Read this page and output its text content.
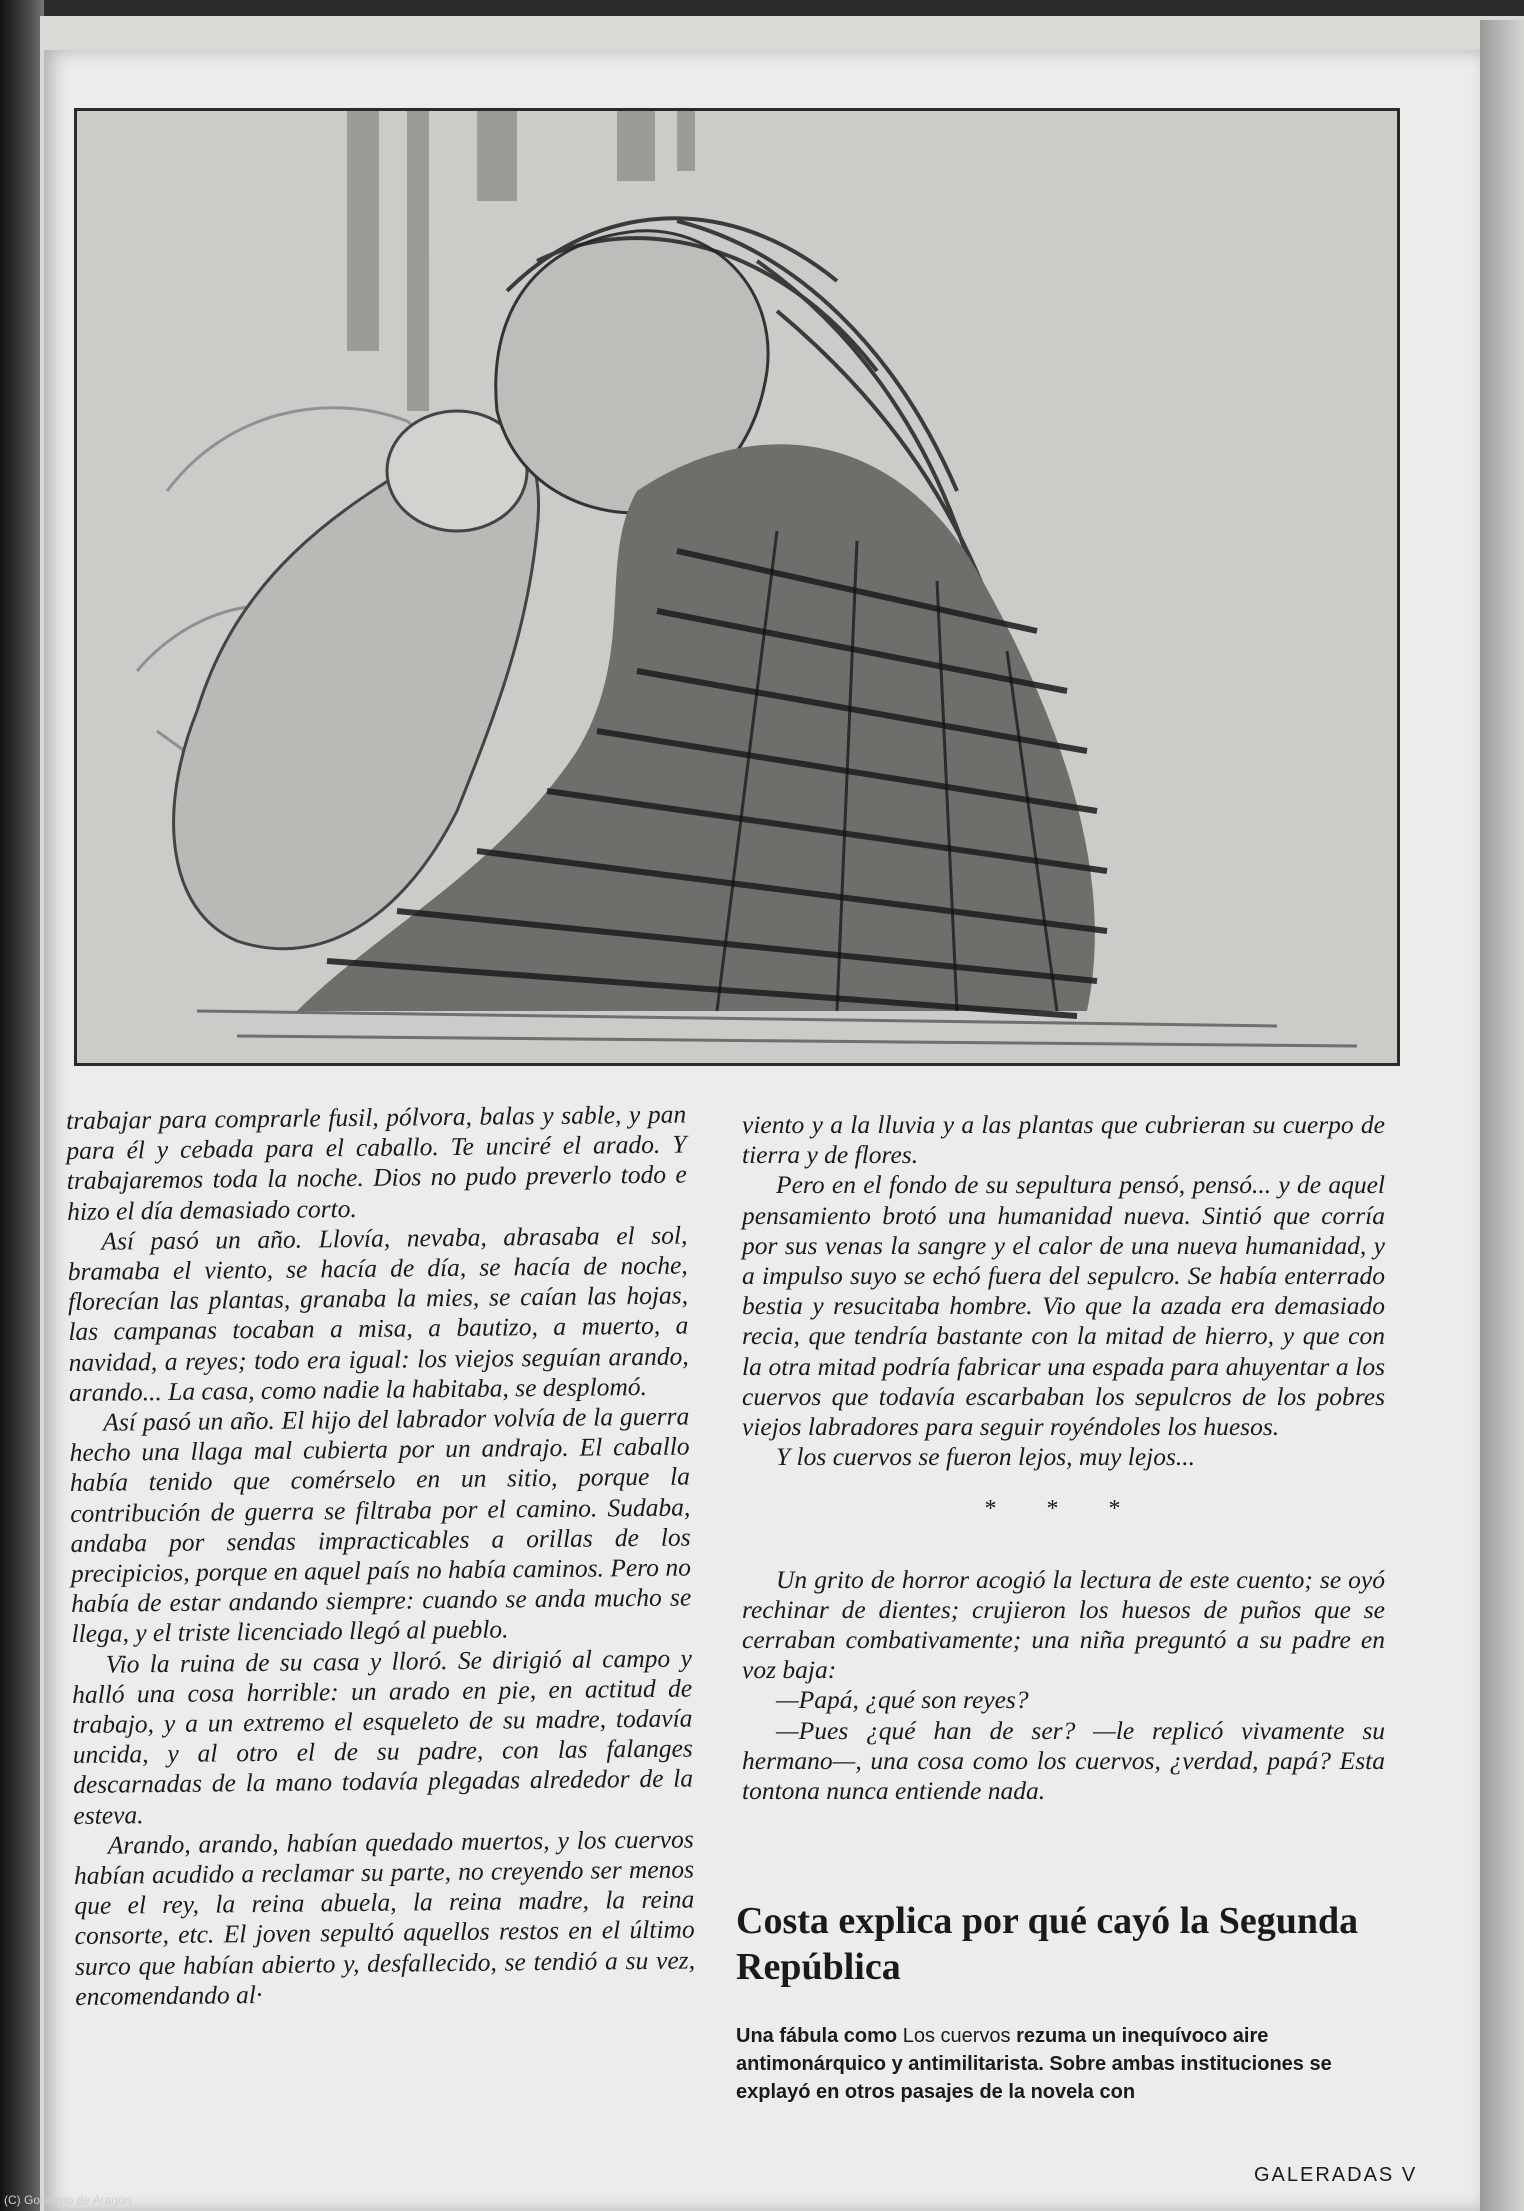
trabajar para comprarle fusil, pólvora, balas y sable, y pan para él y cebada para el caballo. Te unciré el arado. Y trabajaremos toda la noche. Dios no pudo preverlo todo e hizo el día demasiado corto.

Así pasó un año. Llovía, nevaba, abrasaba el sol, bramaba el viento, se hacía de día, se hacía de noche, florecían las plantas, granaba la mies, se caían las hojas, las campanas tocaban a misa, a bautizo, a muerto, a navidad, a reyes; todo era igual: los viejos seguían arando, arando... La casa, como nadie la habitaba, se desplomó.

Así pasó un año. El hijo del labrador volvía de la guerra hecho una llaga mal cubierta por un andrajo. El caballo había tenido que comérselo en un sitio, porque la contribución de guerra se filtraba por el camino. Sudaba, andaba por sendas impracticables a orillas de los precipicios, porque en aquel país no había caminos. Pero no había de estar andando siempre: cuando se anda mucho se llega, y el triste licenciado llegó al pueblo.

Vio la ruina de su casa y lloró. Se dirigió al campo y halló una cosa horrible: un arado en pie, en actitud de trabajo, y a un extremo el esqueleto de su madre, todavía uncida, y al otro el de su padre, con las falanges descarnadas de la mano todavía plegadas alrededor de la esteva.

Arando, arando, habían quedado muertos, y los cuervos habían acudido a reclamar su parte, no creyendo ser menos que el rey, la reina abuela, la reina madre, la reina consorte, etc. El joven sepultó aquellos restos en el último surco que habían abierto y, desfallecido, se tendió a su vez, encomendando al·

viento y a la lluvia y a las plantas que cubrieran su cuerpo de tierra y de flores.

Pero en el fondo de su sepultura pensó, pensó... y de aquel pensamiento brotó una humanidad nueva. Sintió que corría por sus venas la sangre y el calor de una nueva humanidad, y a impulso suyo se echó fuera del sepulcro. Se había enterrado bestia y resucitaba hombre. Vio que la azada era demasiado recia, que tendría bastante con la mitad de hierro, y que con la otra mitad podría fabricar una espada para ahuyentar a los cuervos que todavía escarbaban los sepulcros de los pobres viejos labradores para seguir royéndoles los huesos.

Y los cuervos se fueron lejos, muy lejos...

* * *

Un grito de horror acogió la lectura de este cuento; se oyó rechinar de dientes; crujieron los huesos de puños que se cerraban combativamente; una niña preguntó a su padre en voz baja:

—Papá, ¿qué son reyes?

—Pues ¿qué han de ser? —le replicó vivamente su hermano—, una cosa como los cuervos, ¿verdad, papá? Esta tontona nunca entiende nada.

Costa explica por qué cayó la Segunda República
Una fábula como Los cuervos rezuma un inequívoco aire antimonárquico y antimilitarista. Sobre ambas instituciones se explayó en otros pasajes de la novela con
GALERADAS V
(C) Gobierno de Aragón
